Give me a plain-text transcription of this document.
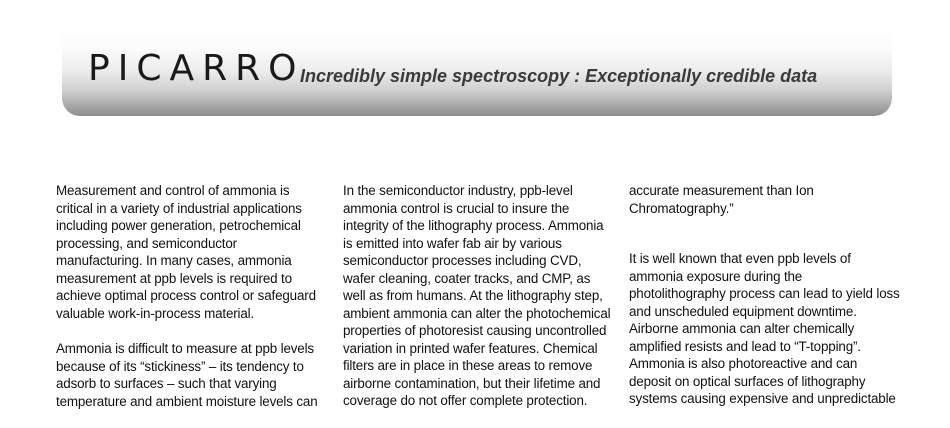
PICARRO
Incredibly simple spectroscopy : Exceptionally credible data

Measurement and control of ammonia is critical in a variety of industrial applications including power generation, petrochemical processing, and semiconductor manufacturing. In many cases, ammonia measurement at ppb levels is required to achieve optimal process control or safeguard valuable work-in-process material.

Ammonia is difficult to measure at ppb levels because of its “stickiness” – its tendency to adsorb to surfaces – such that varying temperature and ambient moisture levels can

In the semiconductor industry, ppb-level ammonia control is crucial to insure the integrity of the lithography process. Ammonia is emitted into wafer fab air by various semiconductor processes including CVD, wafer cleaning, coater tracks, and CMP, as well as from humans. At the lithography step, ambient ammonia can alter the photochemical properties of photoresist causing uncontrolled variation in printed wafer features. Chemical filters are in place in these areas to remove airborne contamination, but their lifetime and coverage do not offer complete protection.

accurate measurement than Ion Chromatography.”

It is well known that even ppb levels of ammonia exposure during the photolithography process can lead to yield loss and unscheduled equipment downtime. Airborne ammonia can alter chemically amplified resists and lead to “T-topping”. Ammonia is also photoreactive and can deposit on optical surfaces of lithography systems causing expensive and unpredictable
